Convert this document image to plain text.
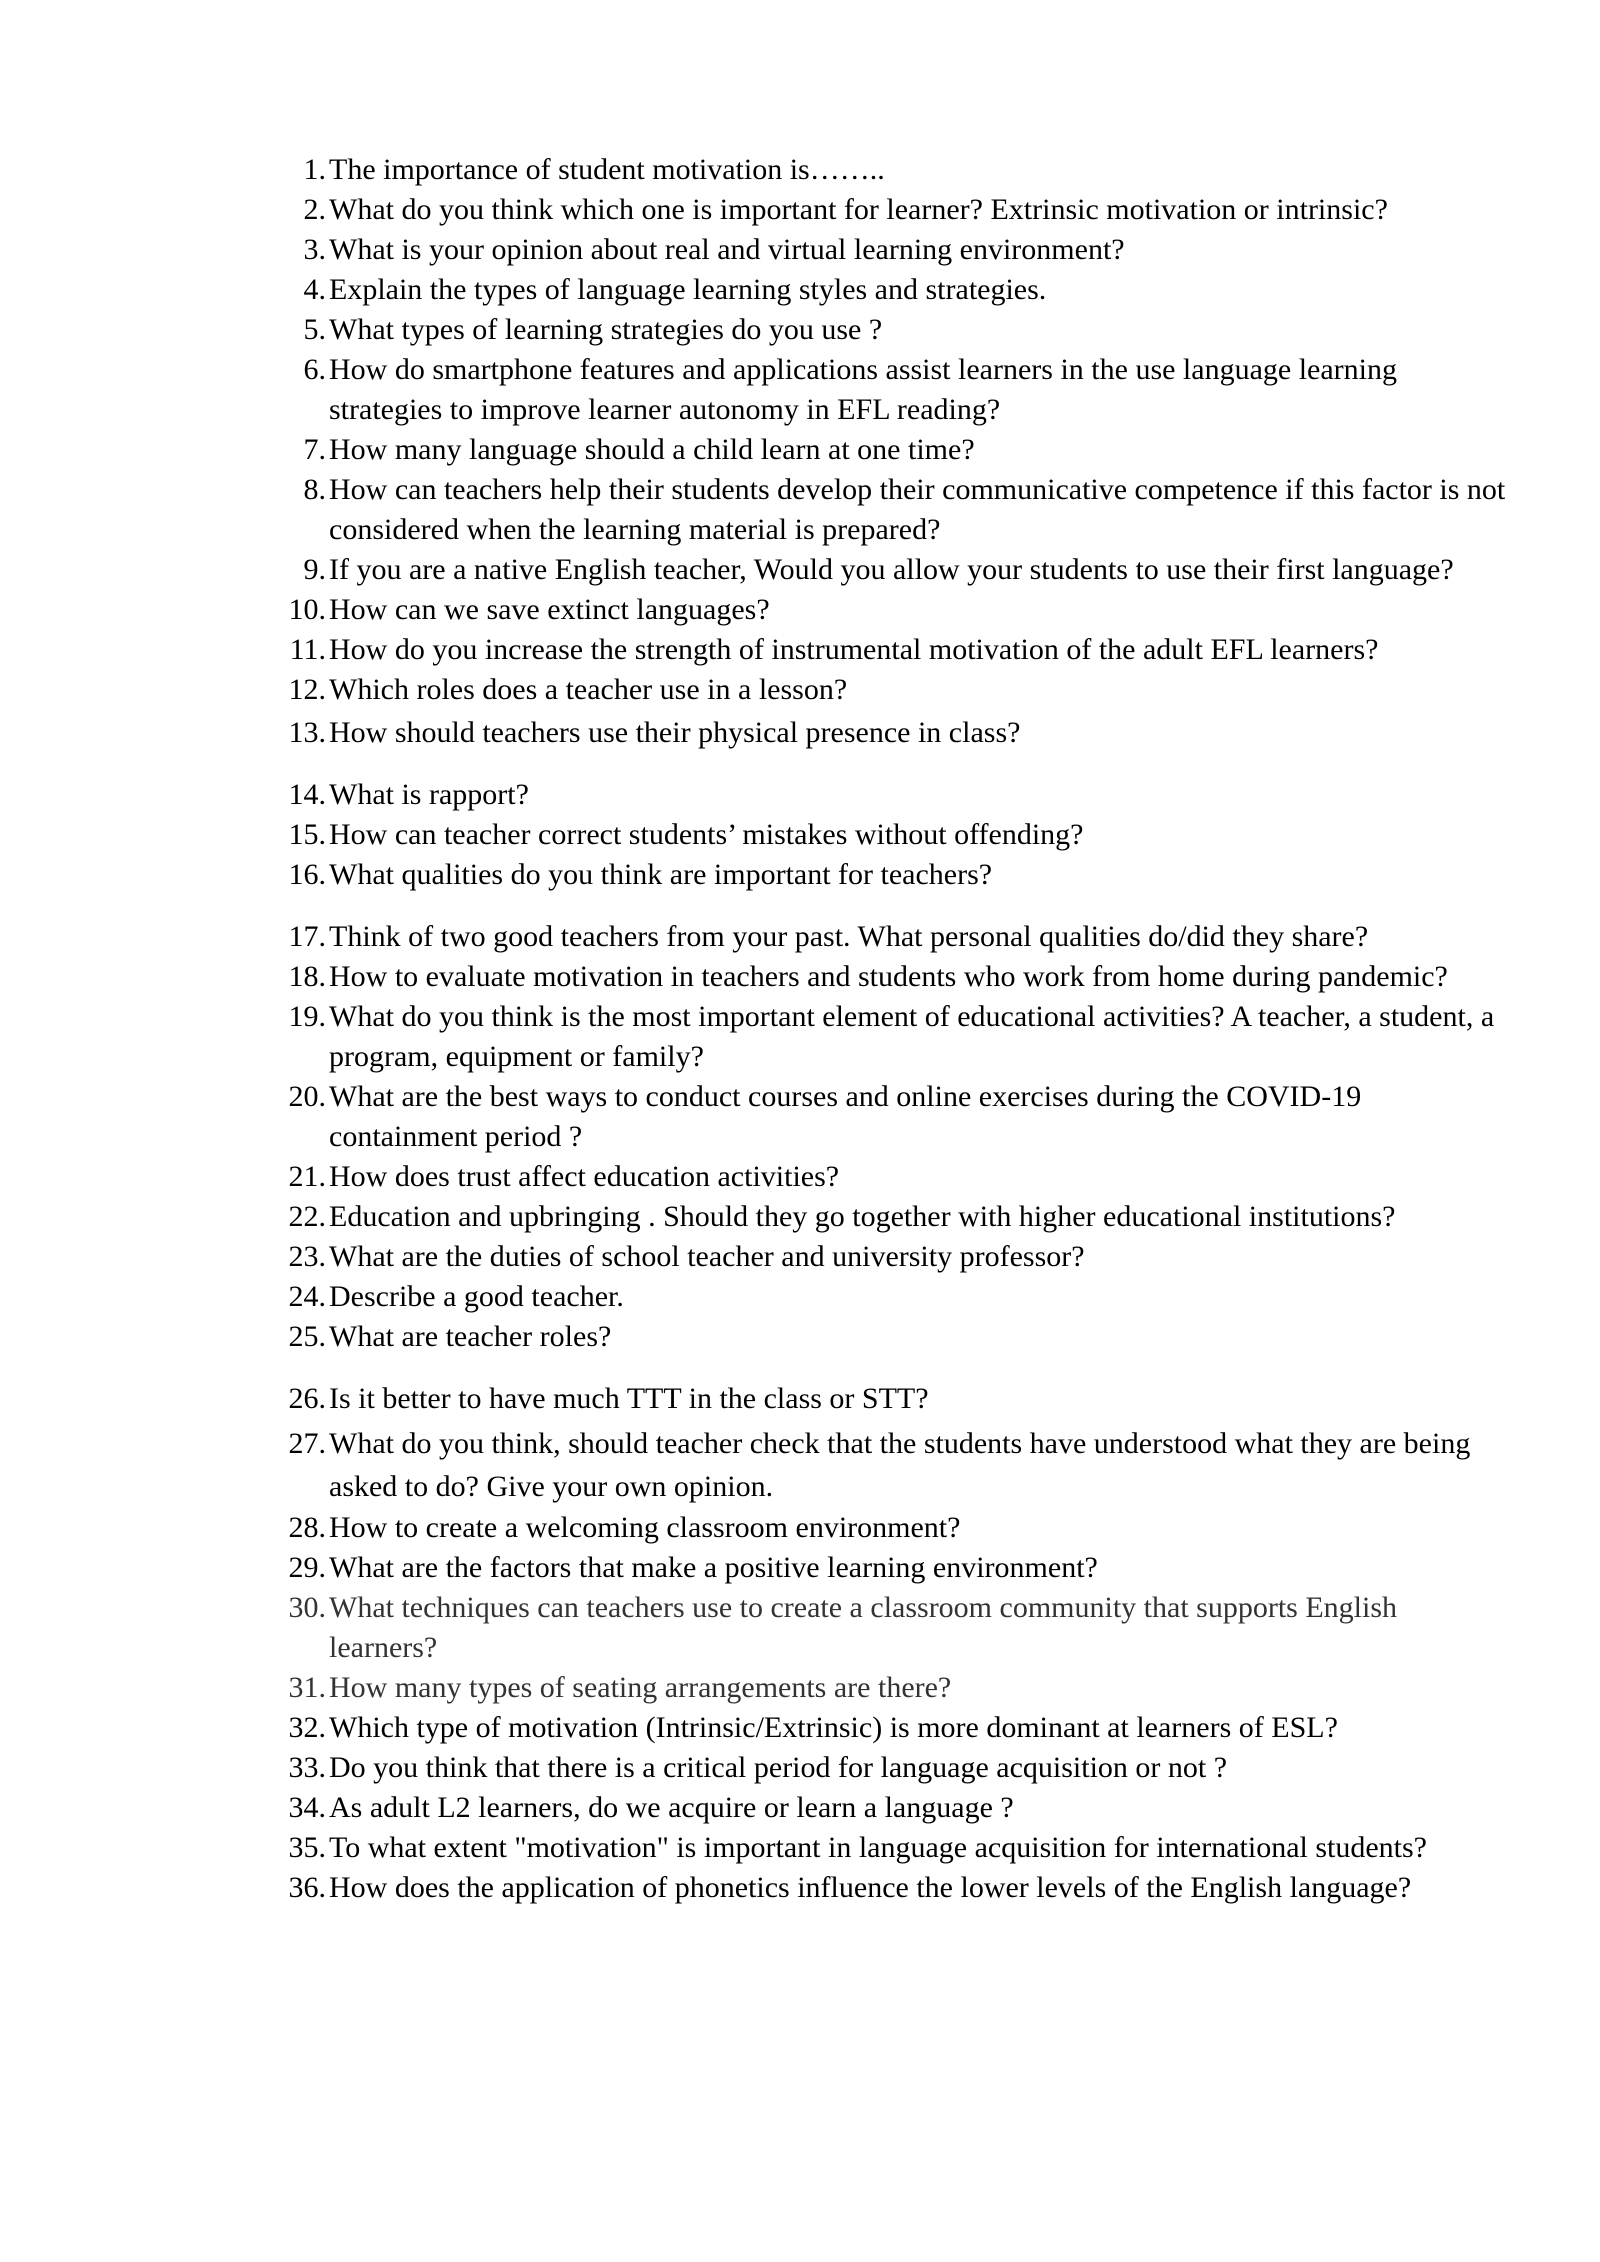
1. The importance of student motivation is……..
2. What do you think which one is important for learner? Extrinsic motivation or intrinsic?
3. What is your opinion about real and virtual learning environment?
4. Explain the types of language learning styles and strategies.
5. What types of learning strategies do you use ?
6. How do smartphone features and applications assist learners in the use language learning strategies to improve learner autonomy in EFL reading?
7. How many language should a child learn at one time?
8. How can teachers help their students develop their communicative competence if this factor is not considered when the learning material is prepared?
9. If you are a native English teacher, Would you allow your students to use their first language?
10. How can we save extinct languages?
11. How do you increase the strength of instrumental motivation of the adult EFL learners?
12. Which roles does a teacher use in a lesson?
13. How should teachers use their physical presence in class?
14. What is rapport?
15. How can teacher correct students’ mistakes without offending?
16. What qualities do you think are important for teachers?
17. Think of two good teachers from your past. What personal qualities do/did they share?
18. How to evaluate motivation in teachers and students who work from home during pandemic?
19. What do you think is the most important element of educational activities? A teacher, a student, a program, equipment or family?
20. What are the best ways to conduct courses and online exercises during the COVID-19 containment period ?
21. How does trust affect education activities?
22. Education and upbringing . Should they go together with higher educational institutions?
23. What are the duties of school teacher and university professor?
24. Describe a good teacher.
25. What are teacher roles?
26. Is it better to have much TTT in the class or STT?
27. What do you think, should teacher check that the students have understood what they are being asked to do? Give your own opinion.
28. How to create a welcoming classroom environment?
29. What are the factors that make a positive learning environment?
30. What techniques can teachers use to create a classroom community that supports English learners?
31. How many types of seating arrangements are there?
32. Which type of motivation (Intrinsic/Extrinsic) is more dominant at learners of ESL?
33. Do you think that there is a critical period for language acquisition or not ?
34. As adult L2 learners, do we acquire or learn a language ?
35. To what extent "motivation" is important in language acquisition for international students?
36. How does the application of phonetics influence the lower levels of the English language?
